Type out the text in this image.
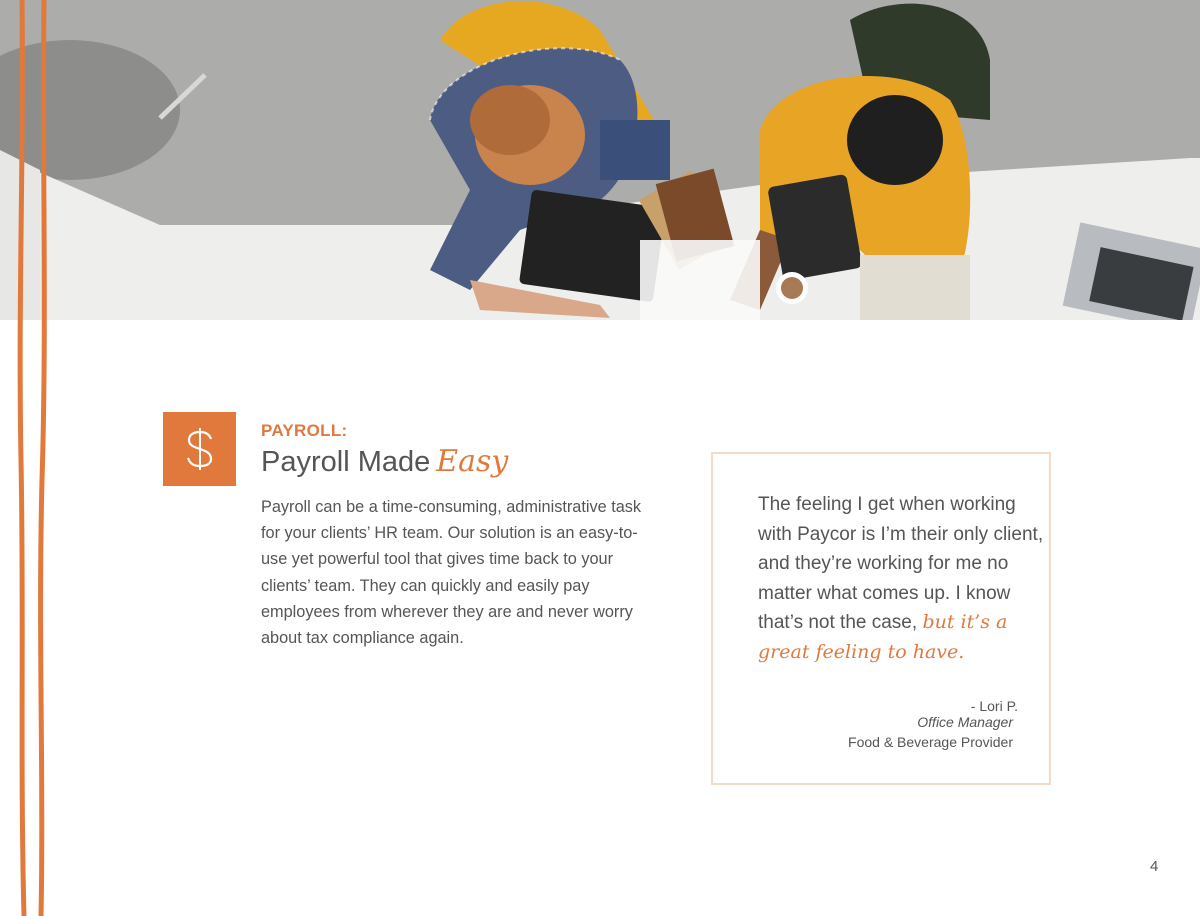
PAYROLL:
Payroll Made Easy
Payroll can be a time-consuming, administrative task for your clients’ HR team. Our solution is an easy-to-use yet powerful tool that gives time back to your clients’ team. They can quickly and easily pay employees from wherever they are and never worry about tax compliance again.
The feeling I get when working with Paycor is I’m their only client, and they’re working for me no matter what comes up. I know that’s not the case, but it’s a great feeling to have.
- Lori P.
Office Manager
Food & Beverage Provider
4
